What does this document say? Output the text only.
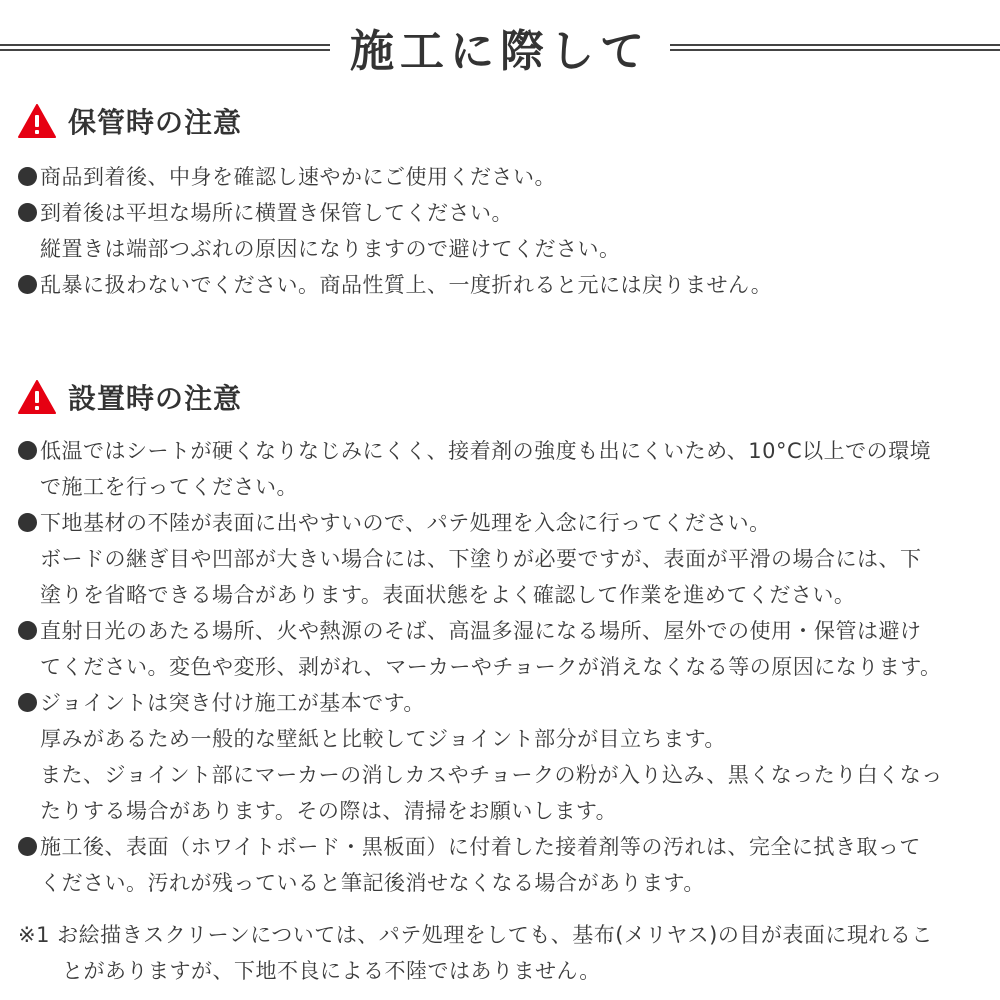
施工に際して
保管時の注意
商品到着後、中身を確認し速やかにご使用ください。
到着後は平坦な場所に横置き保管してください。
縦置きは端部つぶれの原因になりますので避けてください。
乱暴に扱わないでください。商品性質上、一度折れると元には戻りません。
設置時の注意
低温ではシートが硬くなりなじみにくく、接着剤の強度も出にくいため、10°C以上での環境
で施工を行ってください。
下地基材の不陸が表面に出やすいので、パテ処理を入念に行ってください。
ボードの継ぎ目や凹部が大きい場合には、下塗りが必要ですが、表面が平滑の場合には、下
塗りを省略できる場合があります。表面状態をよく確認して作業を進めてください。
直射日光のあたる場所、火や熱源のそば、高温多湿になる場所、屋外での使用・保管は避け
てください。変色や変形、剥がれ、マーカーやチョークが消えなくなる等の原因になります。
ジョイントは突き付け施工が基本です。
厚みがあるため一般的な壁紙と比較してジョイント部分が目立ちます。
また、ジョイント部にマーカーの消しカスやチョークの粉が入り込み、黒くなったり白くなっ
たりする場合があります。その際は、清掃をお願いします。
施工後、表面（ホワイトボード・黒板面）に付着した接着剤等の汚れは、完全に拭き取って
ください。汚れが残っていると筆記後消せなくなる場合があります。
※1 お絵描きスクリーンについては、パテ処理をしても、基布(メリヤス)の目が表面に現れるこ
とがありますが、下地不良による不陸ではありません。
